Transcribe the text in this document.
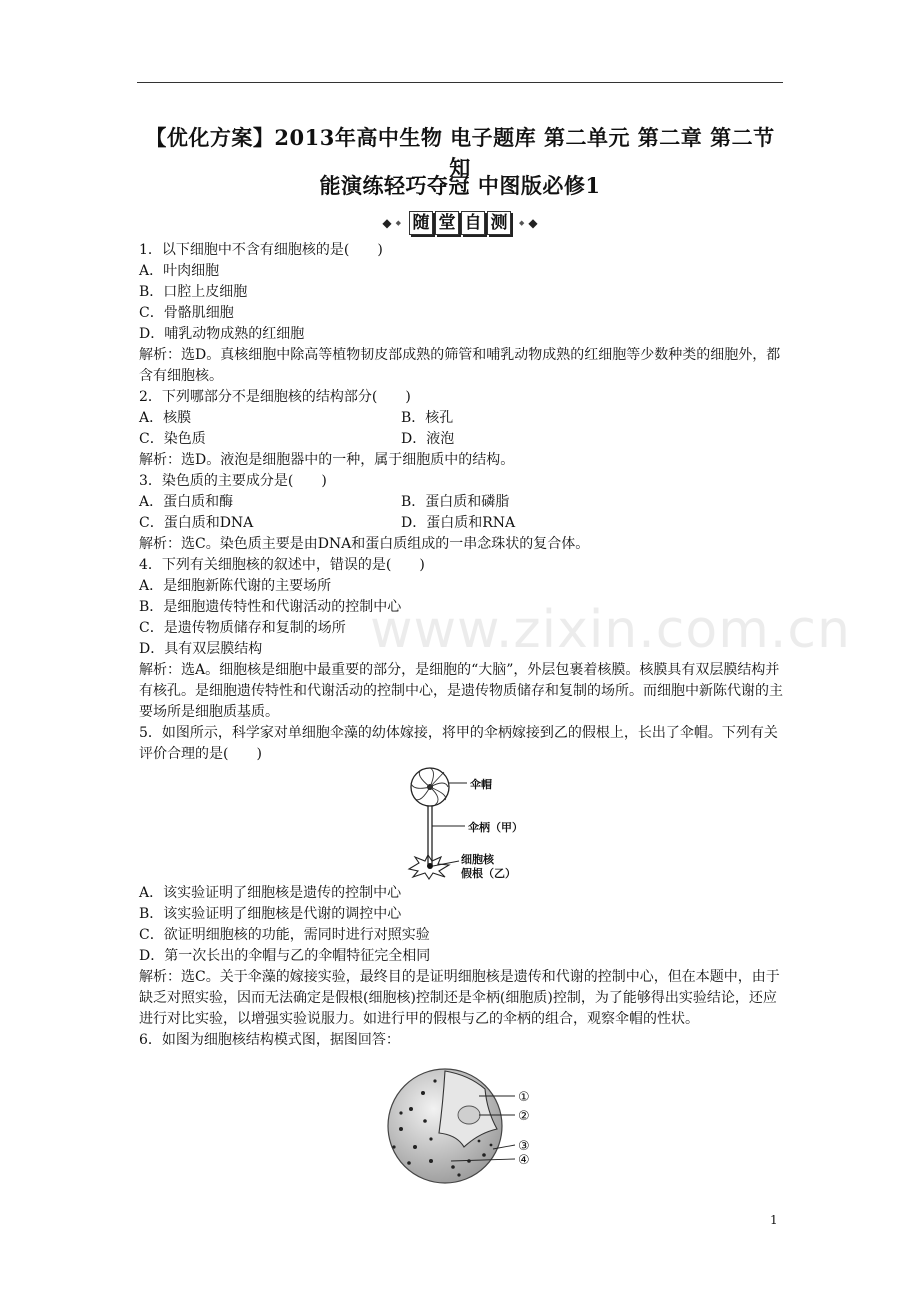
【优化方案】2013年高中生物 电子题库 第二单元 第二章 第二节 知
能演练轻巧夺冠 中图版必修1
◆ ◆ 随 堂 自 测	◆ ◆
www.zixin.com.cn

1．以下细胞中不含有细胞核的是(　　)

A．叶肉细胞

B．口腔上皮细胞

C．骨骼肌细胞

D．哺乳动物成熟的红细胞

解析：选D。真核细胞中除高等植物韧皮部成熟的筛管和哺乳动物成熟的红细胞等少数种类的细胞外，都含有细胞核。

2．下列哪部分不是细胞核的结构部分(　　)

A．核膜	B．核孔
C．染色质	D．液泡

解析：选D。液泡是细胞器中的一种，属于细胞质中的结构。

3．染色质的主要成分是(　　)

A．蛋白质和酶	B．蛋白质和磷脂
C．蛋白质和DNA	D．蛋白质和RNA

解析：选C。染色质主要是由DNA和蛋白质组成的一串念珠状的复合体。

4．下列有关细胞核的叙述中，错误的是(　　)

A．是细胞新陈代谢的主要场所

B．是细胞遗传特性和代谢活动的控制中心

C．是遗传物质储存和复制的场所

D．具有双层膜结构

解析：选A。细胞核是细胞中最重要的部分，是细胞的“大脑”，外层包裹着核膜。核膜具有双层膜结构并有核孔。是细胞遗传特性和代谢活动的控制中心，是遗传物质储存和复制的场所。而细胞中新陈代谢的主要场所是细胞质基质。

5．如图所示，科学家对单细胞伞藻的幼体嫁接，将甲的伞柄嫁接到乙的假根上，长出了伞帽。下列有关评价合理的是(　　)

伞帽
伞柄（甲）
细胞核
假根（乙）

A．该实验证明了细胞核是遗传的控制中心

B．该实验证明了细胞核是代谢的调控中心

C．欲证明细胞核的功能，需同时进行对照实验

D．第一次长出的伞帽与乙的伞帽特征完全相同

解析：选C。关于伞藻的嫁接实验，最终目的是证明细胞核是遗传和代谢的控制中心，但在本题中，由于缺乏对照实验，因而无法确定是假根(细胞核)控制还是伞柄(细胞质)控制，为了能够得出实验结论，还应进行对比实验，以增强实验说服力。如进行甲的假根与乙的伞柄的组合，观察伞帽的性状。

6．如图为细胞核结构模式图，据图回答：

①
②
③
④
1
